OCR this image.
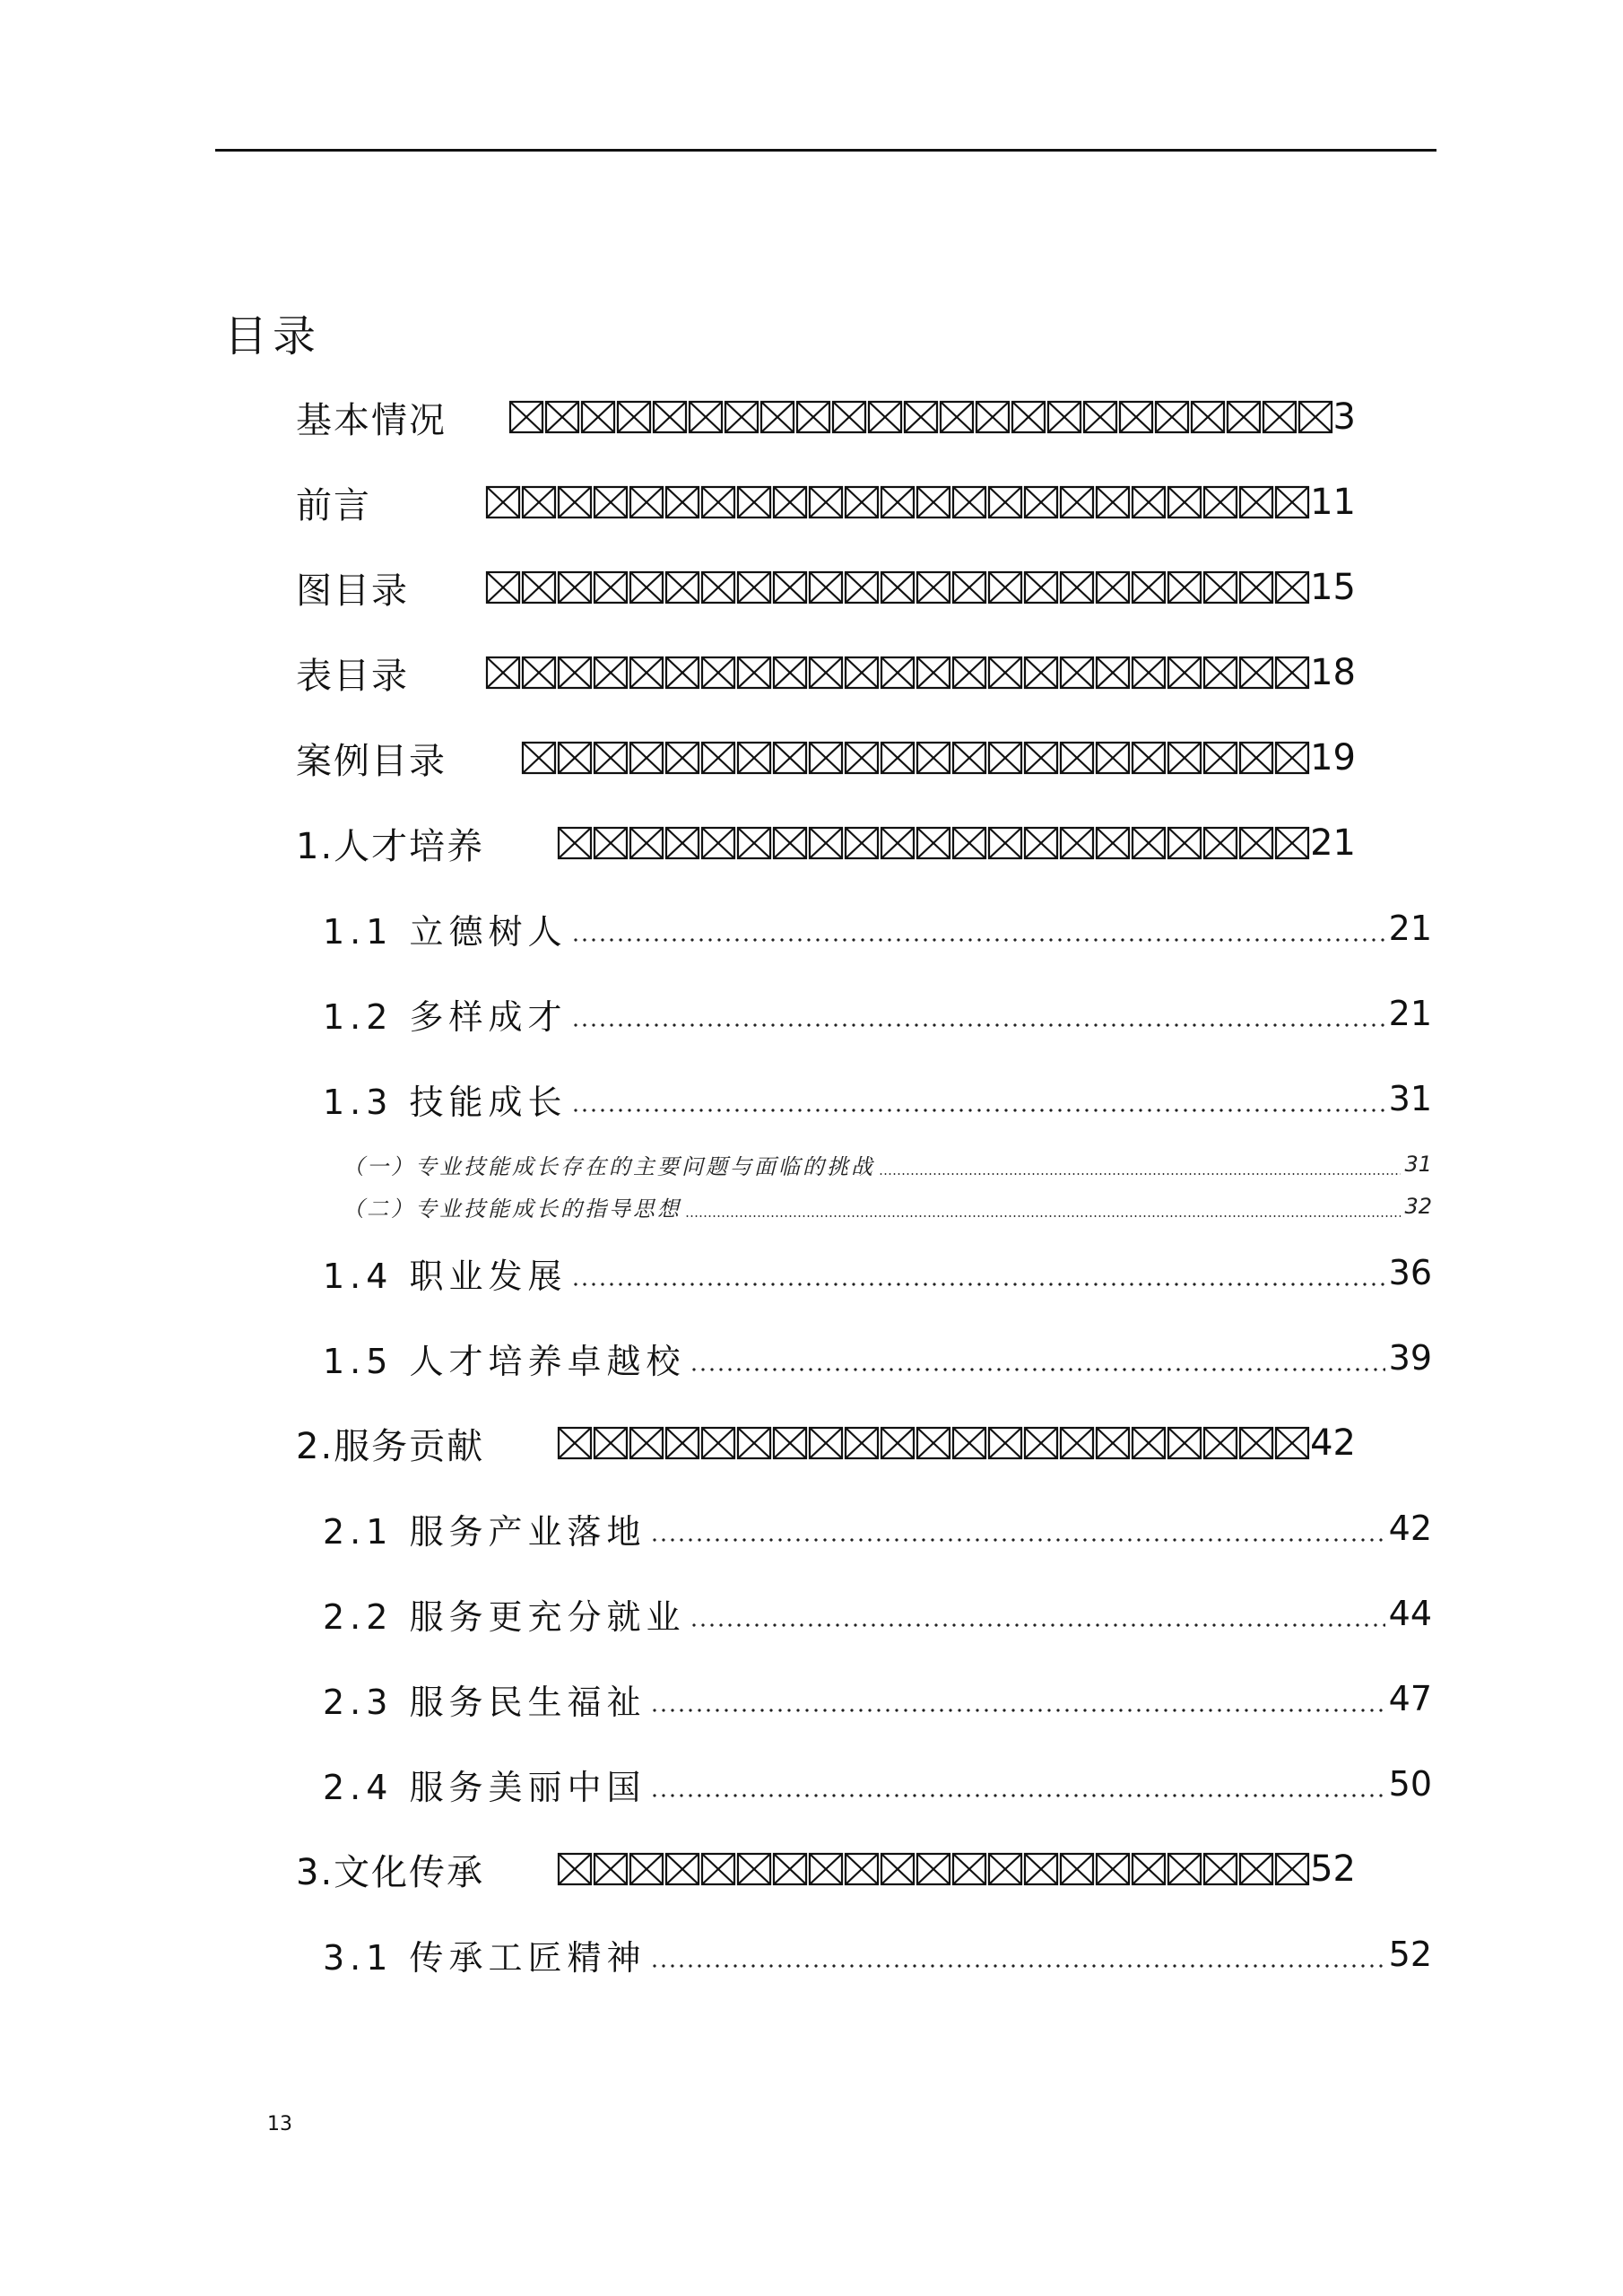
目录
基本情况	3
前言	11
图目录	15
表目录	18
案例目录	19
1.人才培养	21
1.1 立德树人	21
1.2 多样成才	21
1.3 技能成长	31
（一）专业技能成长存在的主要问题与面临的挑战	31
（二）专业技能成长的指导思想	32
1.4 职业发展	36
1.5 人才培养卓越校	39
2.服务贡献	42
2.1 服务产业落地	42
2.2 服务更充分就业	44
2.3 服务民生福祉	47
2.4 服务美丽中国	50
3.文化传承	52
3.1 传承工匠精神	52
13
